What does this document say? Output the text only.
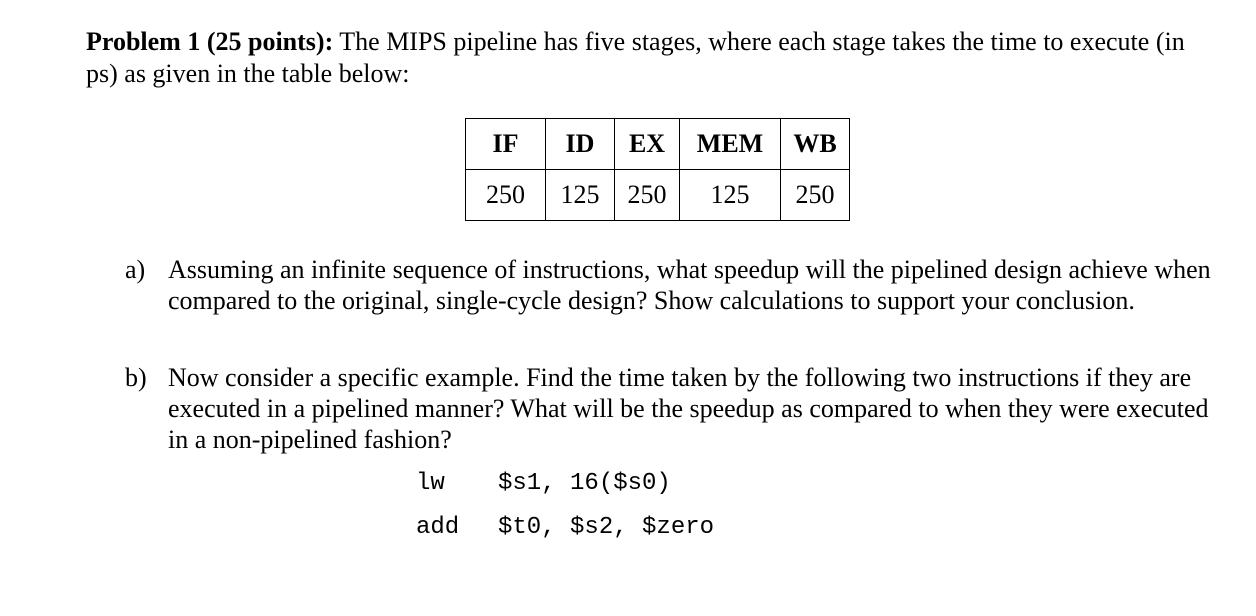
Problem 1 (25 points): The MIPS pipeline has five stages, where each stage takes the time to execute (in ps) as given in the table below:
IF	ID	EX	MEM	WB
250	125	250	125	250
a) Assuming an infinite sequence of instructions, what speedup will the pipelined design achieve when compared to the original, single-cycle design? Show calculations to support your conclusion.
b) Now consider a specific example. Find the time taken by the following two instructions if they are executed in a pipelined manner? What will be the speedup as compared to when they were executed in a non-pipelined fashion?
lw $s1, 16($s0)
add $t0, $s2, $zero
